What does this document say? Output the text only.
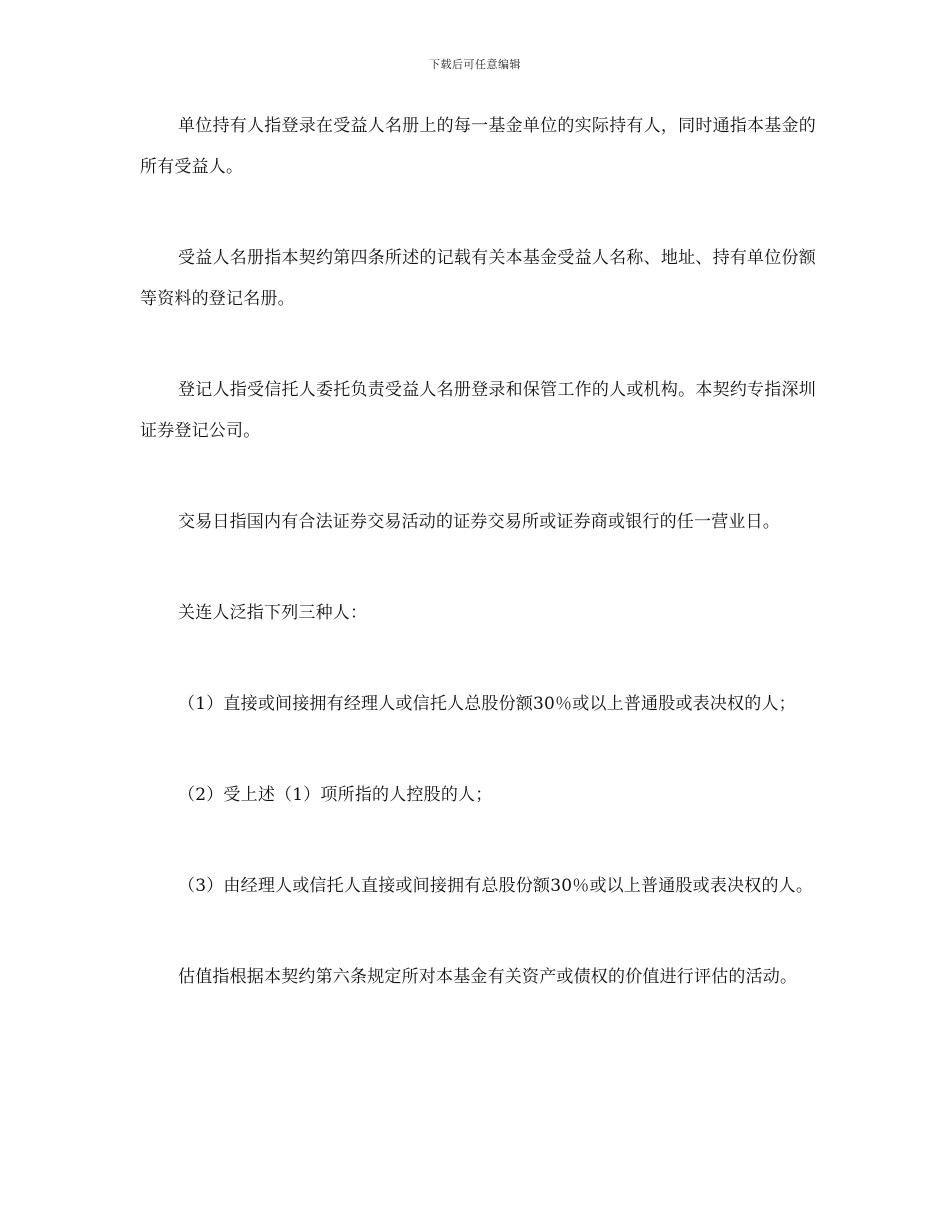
下载后可任意编辑

单位持有人指登录在受益人名册上的每一基金单位的实际持有人，同时通指本基金的所有受益人。

受益人名册指本契约第四条所述的记载有关本基金受益人名称、地址、持有单位份额等资料的登记名册。

登记人指受信托人委托负责受益人名册登录和保管工作的人或机构。本契约专指深圳证券登记公司。

交易日指国内有合法证券交易活动的证券交易所或证券商或银行的任一营业日。

关连人泛指下列三种人：

（1）直接或间接拥有经理人或信托人总股份额30％或以上普通股或表决权的人；

（2）受上述（1）项所指的人控股的人；

（3）由经理人或信托人直接或间接拥有总股份额30％或以上普通股或表决权的人。

估值指根据本契约第六条规定所对本基金有关资产或债权的价值进行评估的活动。
